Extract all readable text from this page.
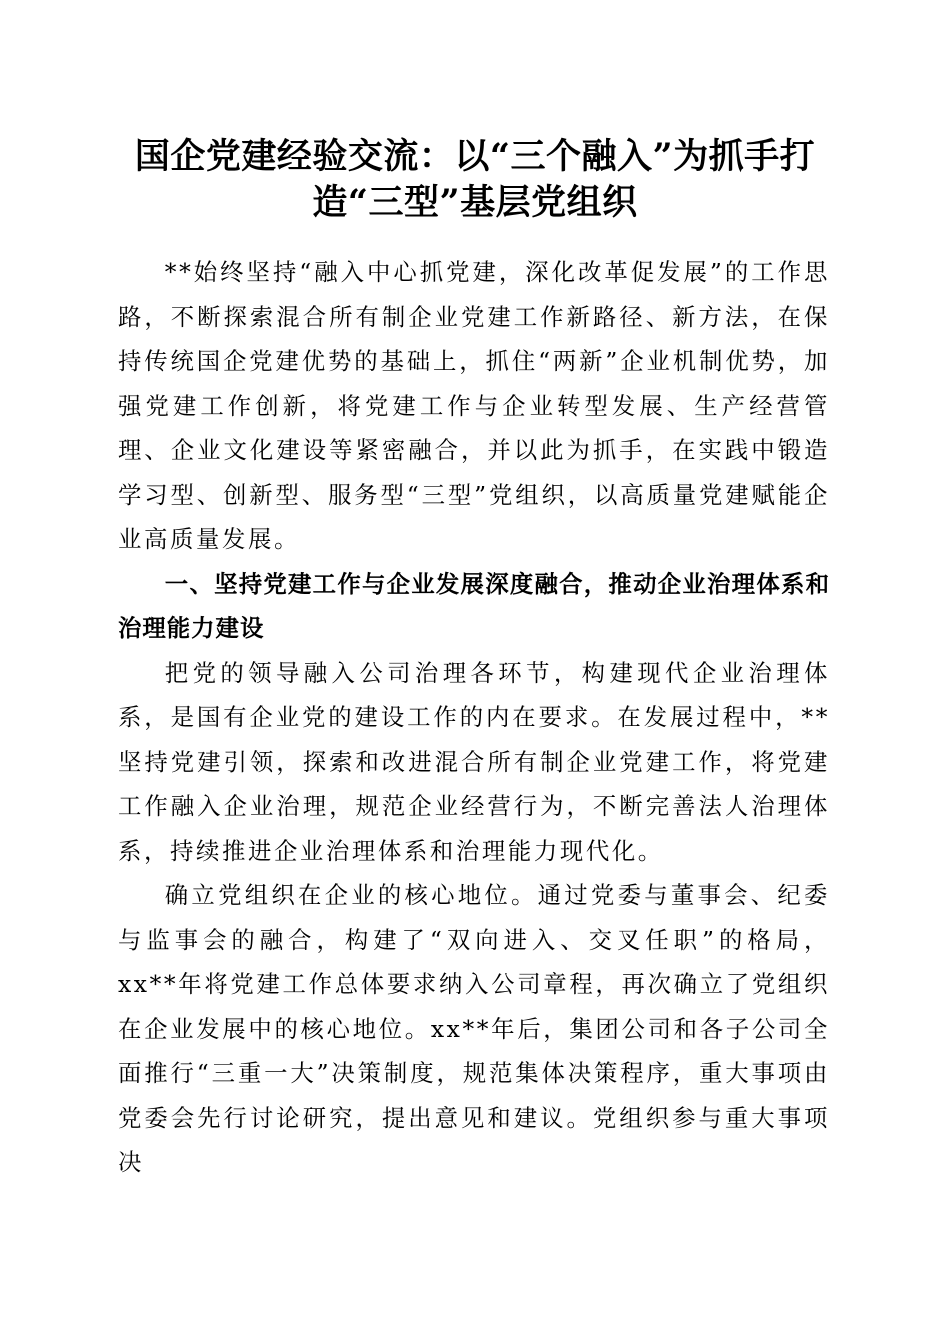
国企党建经验交流：以“三个融入”为抓手打造“三型”基层党组织

**始终坚持“融入中心抓党建，深化改革促发展”的工作思路，不断探索混合所有制企业党建工作新路径、新方法，在保持传统国企党建优势的基础上，抓住“两新”企业机制优势，加强党建工作创新，将党建工作与企业转型发展、生产经营管理、企业文化建设等紧密融合，并以此为抓手，在实践中锻造学习型、创新型、服务型“三型”党组织，以高质量党建赋能企业高质量发展。

一、坚持党建工作与企业发展深度融合，推动企业治理体系和治理能力建设

把党的领导融入公司治理各环节，构建现代企业治理体系，是国有企业党的建设工作的内在要求。在发展过程中，**坚持党建引领，探索和改进混合所有制企业党建工作，将党建工作融入企业治理，规范企业经营行为，不断完善法人治理体系，持续推进企业治理体系和治理能力现代化。

确立党组织在企业的核心地位。通过党委与董事会、纪委与监事会的融合，构建了“双向进入、交叉任职”的格局，xx**年将党建工作总体要求纳入公司章程，再次确立了党组织在企业发展中的核心地位。xx**年后，集团公司和各子公司全面推行“三重一大”决策制度，规范集体决策程序，重大事项由党委会先行讨论研究，提出意见和建议。党组织参与重大事项决
